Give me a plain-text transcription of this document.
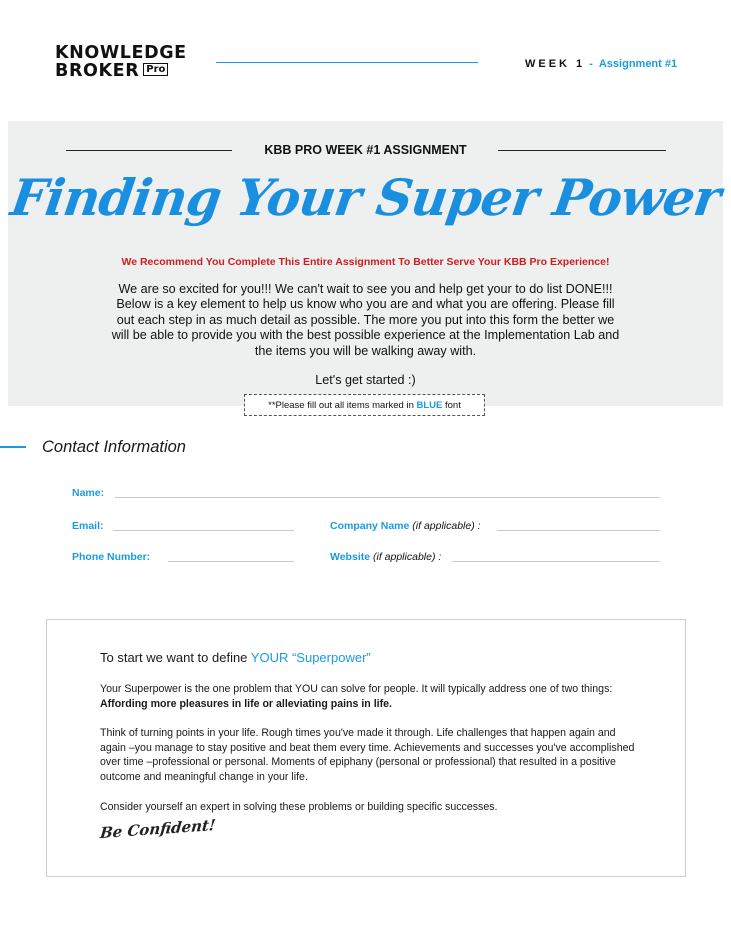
KNOWLEDGE
BROKER Pro	WEEK 1 - Assignment #1
KBB PRO WEEK #1 ASSIGNMENT
Finding Your Super Power
We Recommend You Complete This Entire Assignment To Better Serve Your KBB Pro Experience!
We are so excited for you!!! We can't wait to see you and help get your to do list DONE!!! Below is a key element to help us know who you are and what you are offering. Please fill out each step in as much detail as possible. The more you put into this form the better we will be able to provide you with the best possible experience at the Implementation Lab and the items you will be walking away with.
Let's get started :)
**Please fill out all items marked in BLUE font
Contact Information
Name:
Email:	Company Name (if applicable) :
Phone Number:	Website (if applicable) :
To start we want to define YOUR “Superpower”
Your Superpower is the one problem that YOU can solve for people. It will typically address one of two things: Affording more pleasures in life or alleviating pains in life.
Think of turning points in your life. Rough times you've made it through. Life challenges that happen again and again –you manage to stay positive and beat them every time. Achievements and successes you've accomplished over time –professional or personal. Moments of epiphany (personal or professional) that resulted in a positive outcome and meaningful change in your life.
Consider yourself an expert in solving these problems or building specific successes.
Be Confident!
